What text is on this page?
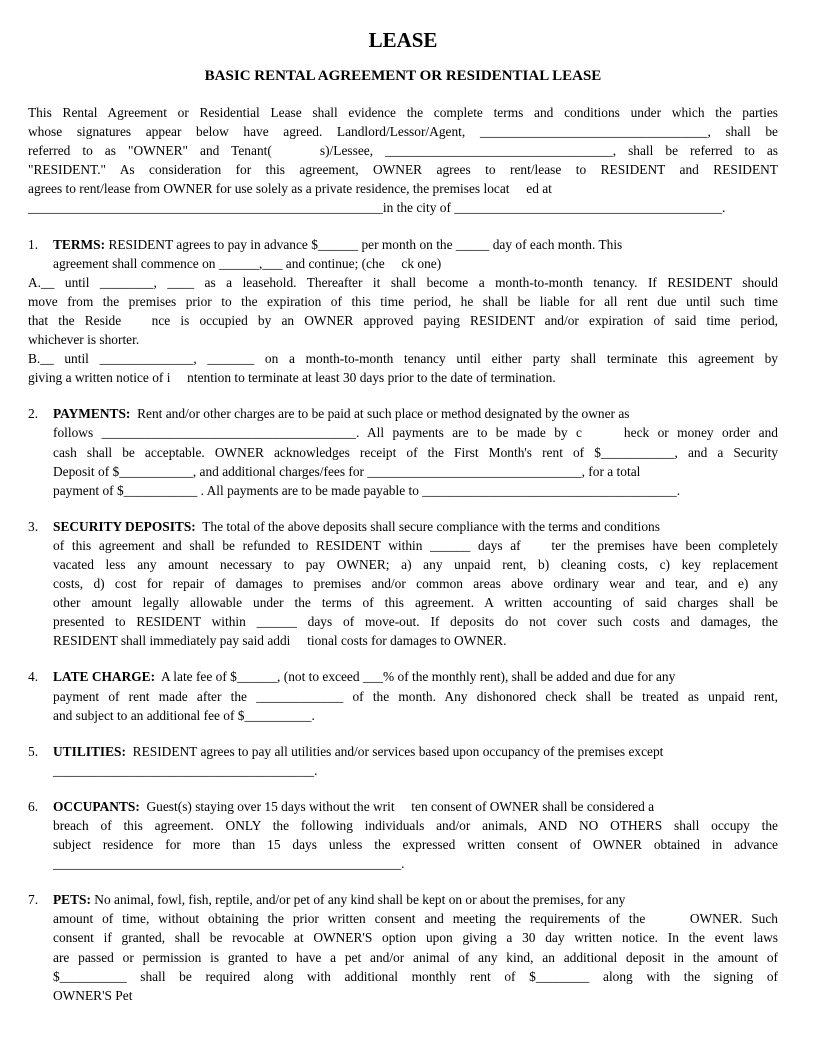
LEASE
BASIC RENTAL AGREEMENT OR RESIDENTIAL LEASE
This Rental Agreement or Residential Lease shall evidence the complete terms and conditions under which the parties
whose signatures appear below have agreed. Landlord/Lessor/Agent, __________________________________, shall be
referred to as "OWNER" and Tenant(    s)/Lessee, __________________________________, shall be referred to as
"RESIDENT." As consideration for this agreement, OWNER agrees to rent/lease to RESIDENT and RESIDENT
agrees to rent/lease from OWNER for use solely as a private residence, the premises locat     ed at
_____________________________________________________in the city of ________________________________________.
1. TERMS: RESIDENT agrees to pay in advance $______ per month on the _____ day of each month. This
agreement shall commence on ______,___ and continue; (che     ck one)
A.__ until ________, ____ as a leasehold. Thereafter it shall become a month-to-month tenancy. If RESIDENT should
move from the premises prior to the expiration of this time period, he shall be liable for all rent due until such time
that the Reside   nce is occupied by an OWNER approved paying RESIDENT and/or expiration of said time period,
whichever is shorter.
B.__ until ______________, _______ on a month-to-month tenancy until either party shall terminate this agreement by
giving a written notice of i     ntention to terminate at least 30 days prior to the date of termination.
2. PAYMENTS:  Rent and/or other charges are to be paid at such place or method designated by the owner as
follows ______________________________________. All payments are to be made by c     heck or money order and
cash shall be acceptable. OWNER acknowledges receipt of the First Month's rent of $___________, and a Security
Deposit of $___________, and additional charges/fees for ________________________________, for a total
payment of $___________ . All payments are to be made payable to ______________________________________.
3. SECURITY DEPOSITS:  The total of the above deposits shall secure compliance with the terms and conditions
of this agreement and shall be refunded to RESIDENT within ______ days af    ter the premises have been completely
vacated less any amount necessary to pay OWNER; a) any unpaid rent, b) cleaning costs, c) key replacement
costs, d) cost for repair of damages to premises and/or common areas above ordinary wear and tear, and e) any
other amount legally allowable under the terms of this agreement. A written accounting of said charges shall be
presented to RESIDENT within ______ days of move-out. If deposits do not cover such costs and damages, the
RESIDENT shall immediately pay said addi     tional costs for damages to OWNER.
4. LATE CHARGE:  A late fee of $______, (not to exceed ___% of the monthly rent), shall be added and due for any
payment of rent made after the _____________ of the month. Any dishonored check shall be treated as unpaid rent,
and subject to an additional fee of $__________.
5. UTILITIES:  RESIDENT agrees to pay all utilities and/or services based upon occupancy of the premises except
_______________________________________.
6. OCCUPANTS:  Guest(s) staying over 15 days without the writ     ten consent of OWNER shall be considered a
breach of this agreement. ONLY the following individuals and/or animals, AND NO OTHERS shall occupy the
subject residence for more than 15 days unless the expressed written consent of OWNER obtained in advance
____________________________________________________.
7. PETS: No animal, fowl, fish, reptile, and/or pet of any kind shall be kept on or about the premises, for any
amount of time, without obtaining the prior written consent and meeting the requirements of the     OWNER. Such
consent if granted, shall be revocable at OWNER'S option upon giving a 30 day written notice. In the event laws
are passed or permission is granted to have a pet and/or animal of any kind, an additional deposit in the amount of
$__________ shall be required along with additional monthly rent of $________ along with the signing of
OWNER'S Pet
